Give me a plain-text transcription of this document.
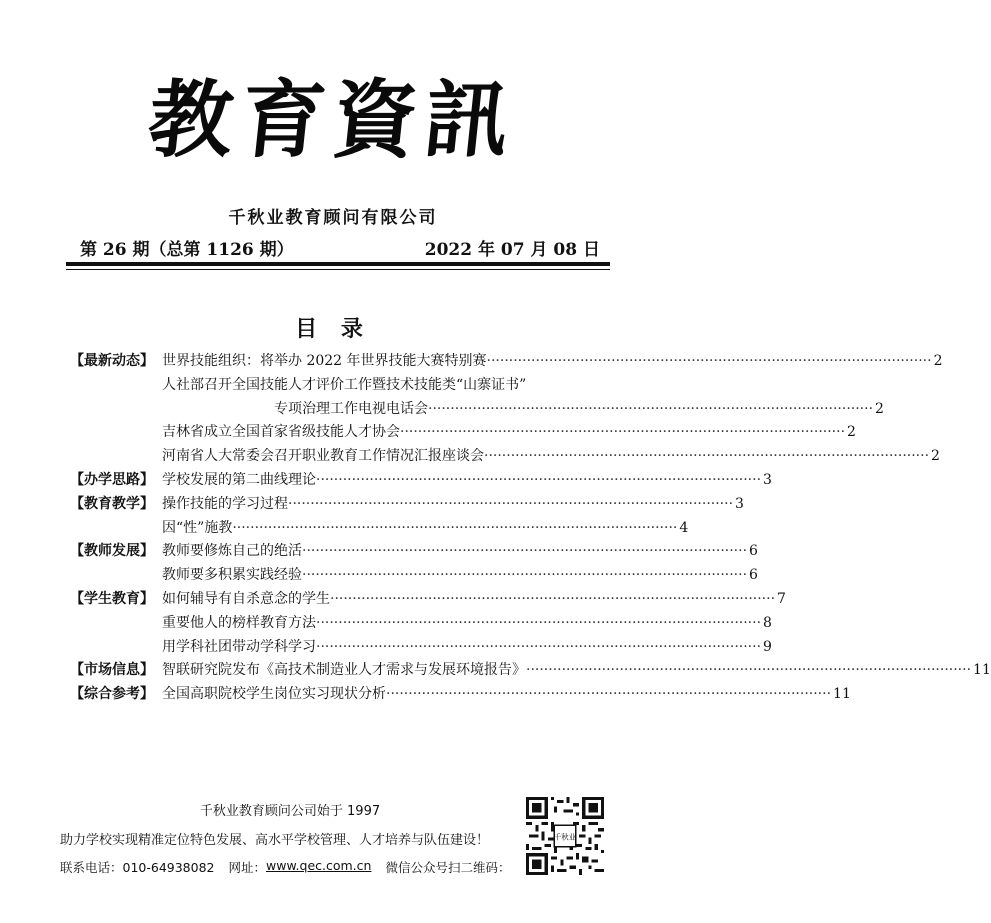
教育資訊
千秋业教育顾问有限公司
第 26 期（总第 1126 期）	2022 年 07 月 08 日
目 录
【最新动态】 世界技能组织：将举办 2022 年世界技能大赛特别赛 ·····	2
人社部召开全国技能人才评价工作暨技术技能类“山寨证书”
专项治理工作电视电话会 ·····	2
吉林省成立全国首家省级技能人才协会 ·····	2
河南省人大常委会召开职业教育工作情况汇报座谈会 ·····	2
【办学思路】 学校发展的第二曲线理论 ·····	3
【教育教学】 操作技能的学习过程 ·····	3
因“性”施教 ·····	4
【教师发展】 教师要修炼自己的绝活 ·····	6
教师要多积累实践经验 ·····	6
【学生教育】 如何辅导有自杀意念的学生 ·····	7
重要他人的榜样教育方法 ·····	8
用学科社团带动学科学习 ·····	9
【市场信息】 智联研究院发布《高技术制造业人才需求与发展环境报告》 ·····	11
【综合参考】 全国高职院校学生岗位实习现状分析 ·····	11
千秋业教育顾问公司始于 1997
助力学校实现精准定位特色发展、高水平学校管理、人才培养与队伍建设！
联系电话：010-64938082 网址： www.qec.com.cn 微信公众号扫二维码：
千秋业
